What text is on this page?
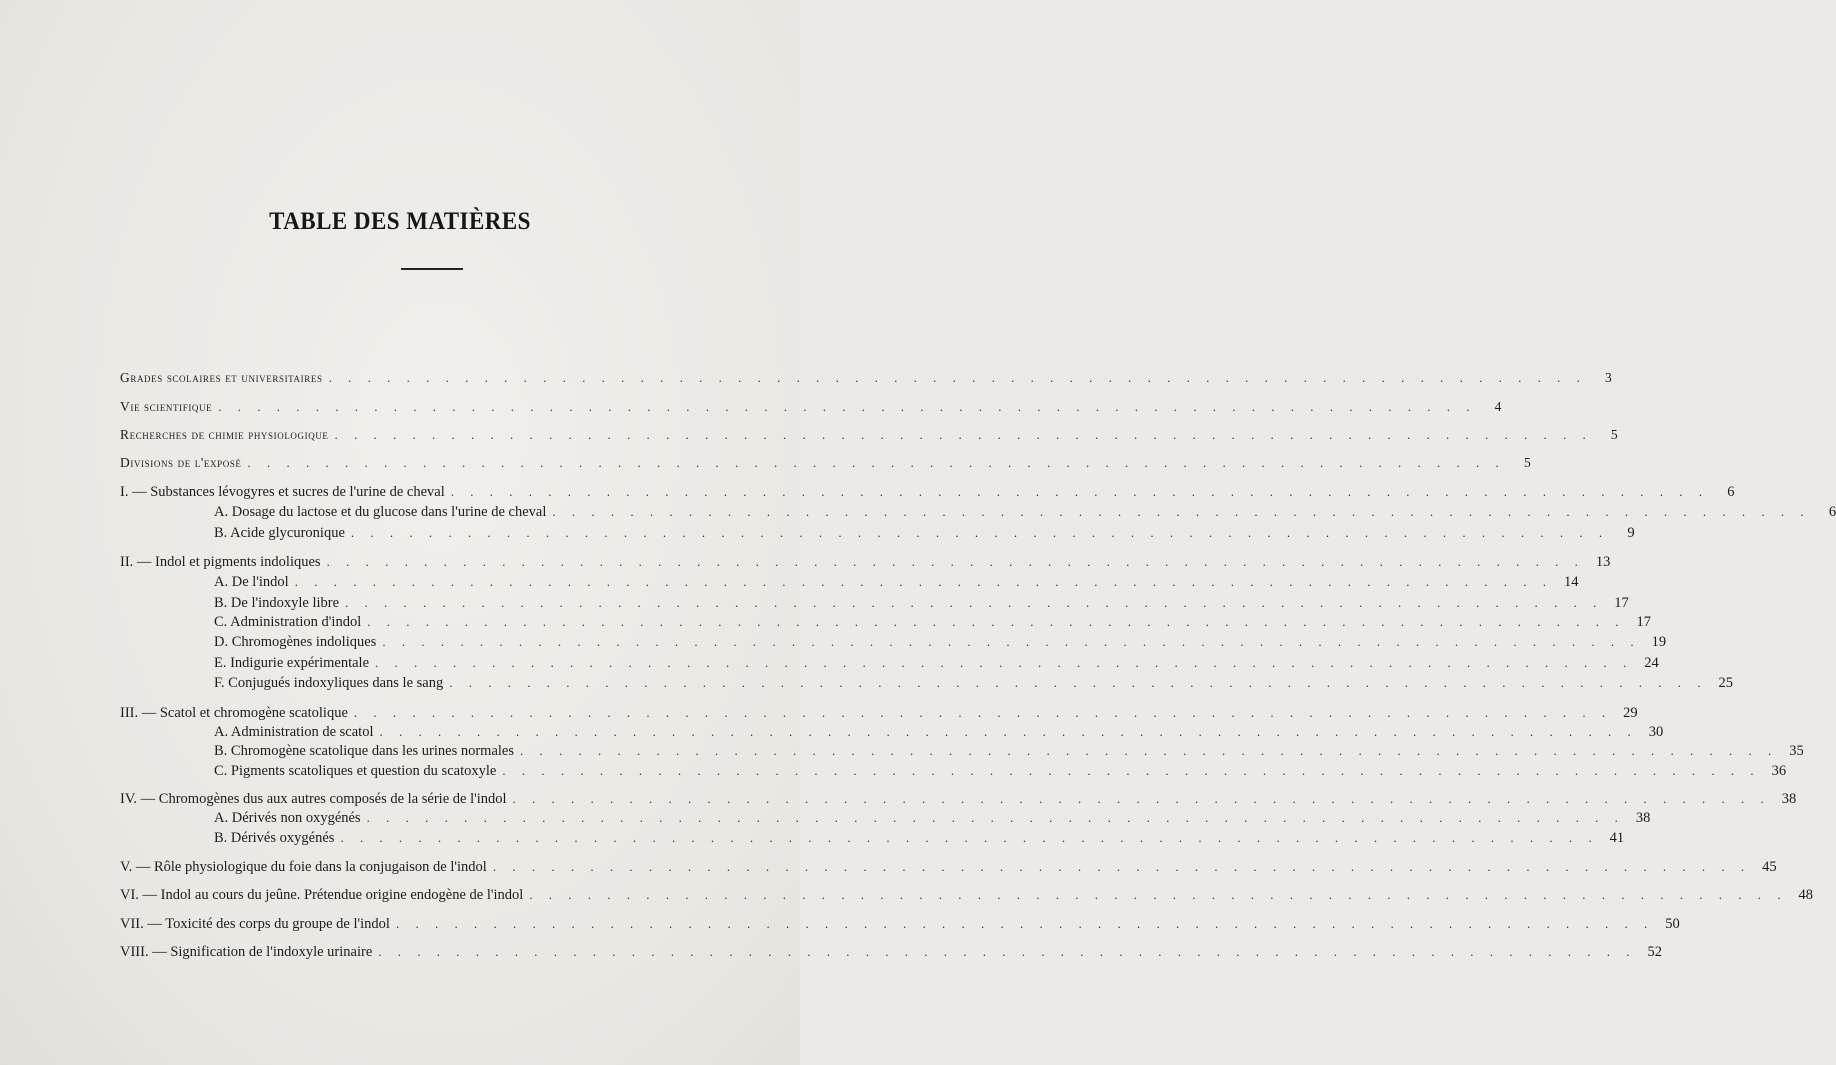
TABLE DES MATIÈRES
Grades scolaires et universitaires . . . . . . . . . . . . . . . . . . . . . . . . . . . . . . . . . . . . . . . . . . . . . . . . . . . . . . . . . . . . . . . . .	3
Vie scientifique . . . . . . . . . . . . . . . . . . . . . . . . . . . . . . . . . . . . . . . . . . . . . . . . . . . . . . . . . . . . . . . . .	4
Recherches de chimie physiologique . . . . . . . . . . . . . . . . . . . . . . . . . . . . . . . . . . . . . . . . . . . . . . . . . . . . . . . . . . . . . . . . .	5
Divisions de l'exposé . . . . . . . . . . . . . . . . . . . . . . . . . . . . . . . . . . . . . . . . . . . . . . . . . . . . . . . . . . . . . . . . .	5
I. — Substances lévogyres et sucres de l'urine de cheval . . . . . . . . . . . . . . . . . . . . . . . . . . . . . . . . . . . . . . . . . . . . . . . . . . . . . . . . . . . . . . . . .	6
A. Dosage du lactose et du glucose dans l'urine de cheval . . . . . . . . . . . . . . . . . . . . . . . . . . . . . . . . . . . . . . . . . . . . . . . . . . . . . . . . . . . . . . . . .	6
B. Acide glycuronique . . . . . . . . . . . . . . . . . . . . . . . . . . . . . . . . . . . . . . . . . . . . . . . . . . . . . . . . . . . . . . . . .	9
II. — Indol et pigments indoliques . . . . . . . . . . . . . . . . . . . . . . . . . . . . . . . . . . . . . . . . . . . . . . . . . . . . . . . . . . . . . . . . . 13
A. De l'indol . . . . . . . . . . . . . . . . . . . . . . . . . . . . . . . . . . . . . . . . . . . . . . . . . . . . . . . . . . . . . . . . . 14
B. De l'indoxyle libre . . . . . . . . . . . . . . . . . . . . . . . . . . . . . . . . . . . . . . . . . . . . . . . . . . . . . . . . . . . . . . . . . 17
C. Administration d'indol . . . . . . . . . . . . . . . . . . . . . . . . . . . . . . . . . . . . . . . . . . . . . . . . . . . . . . . . . . . . . . . . . 17
D. Chromogènes indoliques . . . . . . . . . . . . . . . . . . . . . . . . . . . . . . . . . . . . . . . . . . . . . . . . . . . . . . . . . . . . . . . . . 19
E. Indigurie expérimentale . . . . . . . . . . . . . . . . . . . . . . . . . . . . . . . . . . . . . . . . . . . . . . . . . . . . . . . . . . . . . . . . . 24
F. Conjugués indoxyliques dans le sang . . . . . . . . . . . . . . . . . . . . . . . . . . . . . . . . . . . . . . . . . . . . . . . . . . . . . . . . . . . . . . . . . 25
III. — Scatol et chromogène scatolique . . . . . . . . . . . . . . . . . . . . . . . . . . . . . . . . . . . . . . . . . . . . . . . . . . . . . . . . . . . . . . . . . 29
A. Administration de scatol . . . . . . . . . . . . . . . . . . . . . . . . . . . . . . . . . . . . . . . . . . . . . . . . . . . . . . . . . . . . . . . . . 30
B. Chromogène scatolique dans les urines normales . . . . . . . . . . . . . . . . . . . . . . . . . . . . . . . . . . . . . . . . . . . . . . . . . . . . . . . . . . . . . . . . . 35
C. Pigments scatoliques et question du scatoxyle . . . . . . . . . . . . . . . . . . . . . . . . . . . . . . . . . . . . . . . . . . . . . . . . . . . . . . . . . . . . . . . . . 36
IV. — Chromogènes dus aux autres composés de la série de l'indol . . . . . . . . . . . . . . . . . . . . . . . . . . . . . . . . . . . . . . . . . . . . . . . . . . . . . . . . . . . . . . . . . 38
A. Dérivés non oxygénés . . . . . . . . . . . . . . . . . . . . . . . . . . . . . . . . . . . . . . . . . . . . . . . . . . . . . . . . . . . . . . . . . 38
B. Dérivés oxygénés . . . . . . . . . . . . . . . . . . . . . . . . . . . . . . . . . . . . . . . . . . . . . . . . . . . . . . . . . . . . . . . . . 41
V. — Rôle physiologique du foie dans la conjugaison de l'indol . . . . . . . . . . . . . . . . . . . . . . . . . . . . . . . . . . . . . . . . . . . . . . . . . . . . . . . . . . . . . . . . . 45
VI. — Indol au cours du jeûne. Prétendue origine endogène de l'indol . . . . . . . . . . . . . . . . . . . . . . . . . . . . . . . . . . . . . . . . . . . . . . . . . . . . . . . . . . . . . . . . . 48
VII. — Toxicité des corps du groupe de l'indol . . . . . . . . . . . . . . . . . . . . . . . . . . . . . . . . . . . . . . . . . . . . . . . . . . . . . . . . . . . . . . . . . 50
VIII. — Signification de l'indoxyle urinaire . . . . . . . . . . . . . . . . . . . . . . . . . . . . . . . . . . . . . . . . . . . . . . . . . . . . . . . . . . . . . . . . . 52
